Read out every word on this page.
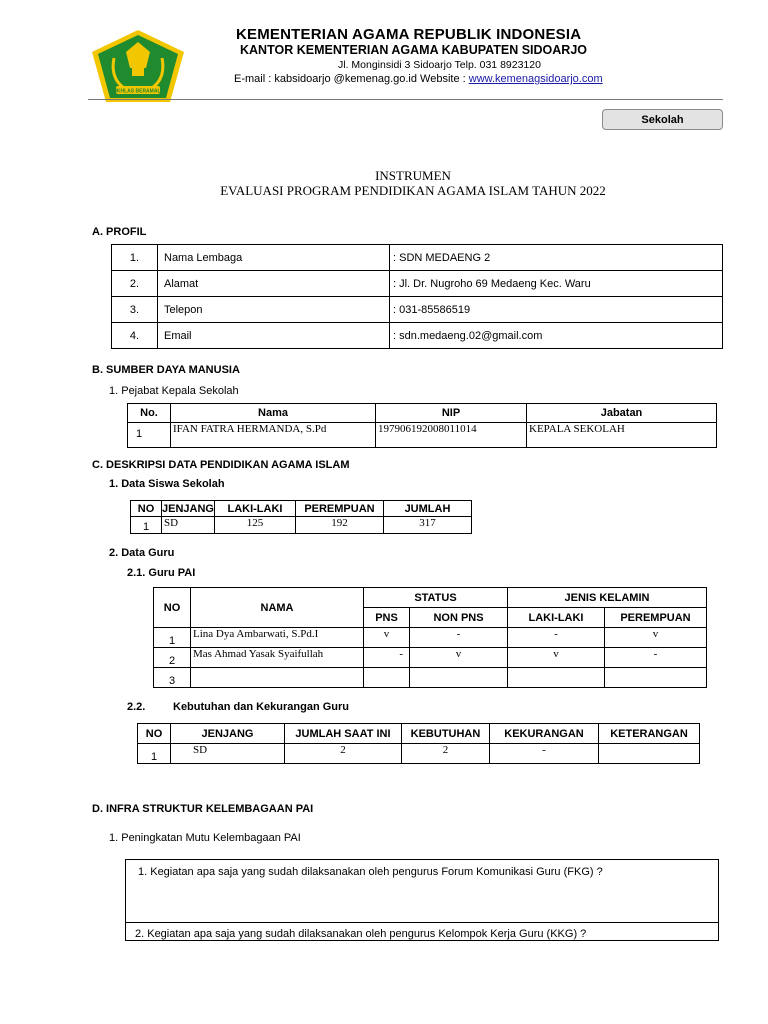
IKHLAS BERAMAL
KEMENTERIAN AGAMA REPUBLIK INDONESIA
KANTOR KEMENTERIAN AGAMA KABUPATEN SIDOARJO
Jl. Monginsidi 3 Sidoarjo Telp. 031 8923120
E-mail : kabsidoarjo @kemenag.go.id Website : www.kemenagsidoarjo.com
Sekolah
INSTRUMEN
EVALUASI PROGRAM PENDIDIKAN AGAMA ISLAM TAHUN 2022
A. PROFIL
1.	Nama Lembaga	: SDN MEDAENG 2
2.	Alamat	: Jl. Dr. Nugroho 69 Medaeng Kec. Waru
3.	Telepon	: 031-85586519
4.	Email	: sdn.medaeng.02@gmail.com
B. SUMBER DAYA MANUSIA
1. Pejabat Kepala Sekolah
No.	Nama	NIP	Jabatan
1	IFAN FATRA HERMANDA, S.Pd	197906192008011014	KEPALA SEKOLAH
C. DESKRIPSI DATA PENDIDIKAN AGAMA ISLAM
1. Data Siswa Sekolah
NO	JENJANG	LAKI-LAKI	PEREMPUAN	JUMLAH
1	SD	125	192	317
2. Data Guru
2.1. Guru PAI
NO	NAMA	STATUS		JENIS KELAMIN	
		PNS	NON PNS	LAKI-LAKI	PEREMPUAN
1	Lina Dya Ambarwati, S.Pd.I	v	-	-	v
2	Mas Ahmad Yasak Syaifullah	-	v	v	-
3					
2.2.	Kebutuhan dan Kekurangan Guru
NO	JENJANG	JUMLAH SAAT INI	KEBUTUHAN	KEKURANGAN	KETERANGAN
1	SD	2	2	-	
D. INFRA STRUKTUR KELEMBAGAAN PAI
1. Peningkatan Mutu Kelembagaan PAI
1. Kegiatan apa saja yang sudah dilaksanakan oleh pengurus Forum Komunikasi Guru (FKG) ?
2. Kegiatan apa saja yang sudah dilaksanakan oleh pengurus Kelompok Kerja Guru (KKG) ?
